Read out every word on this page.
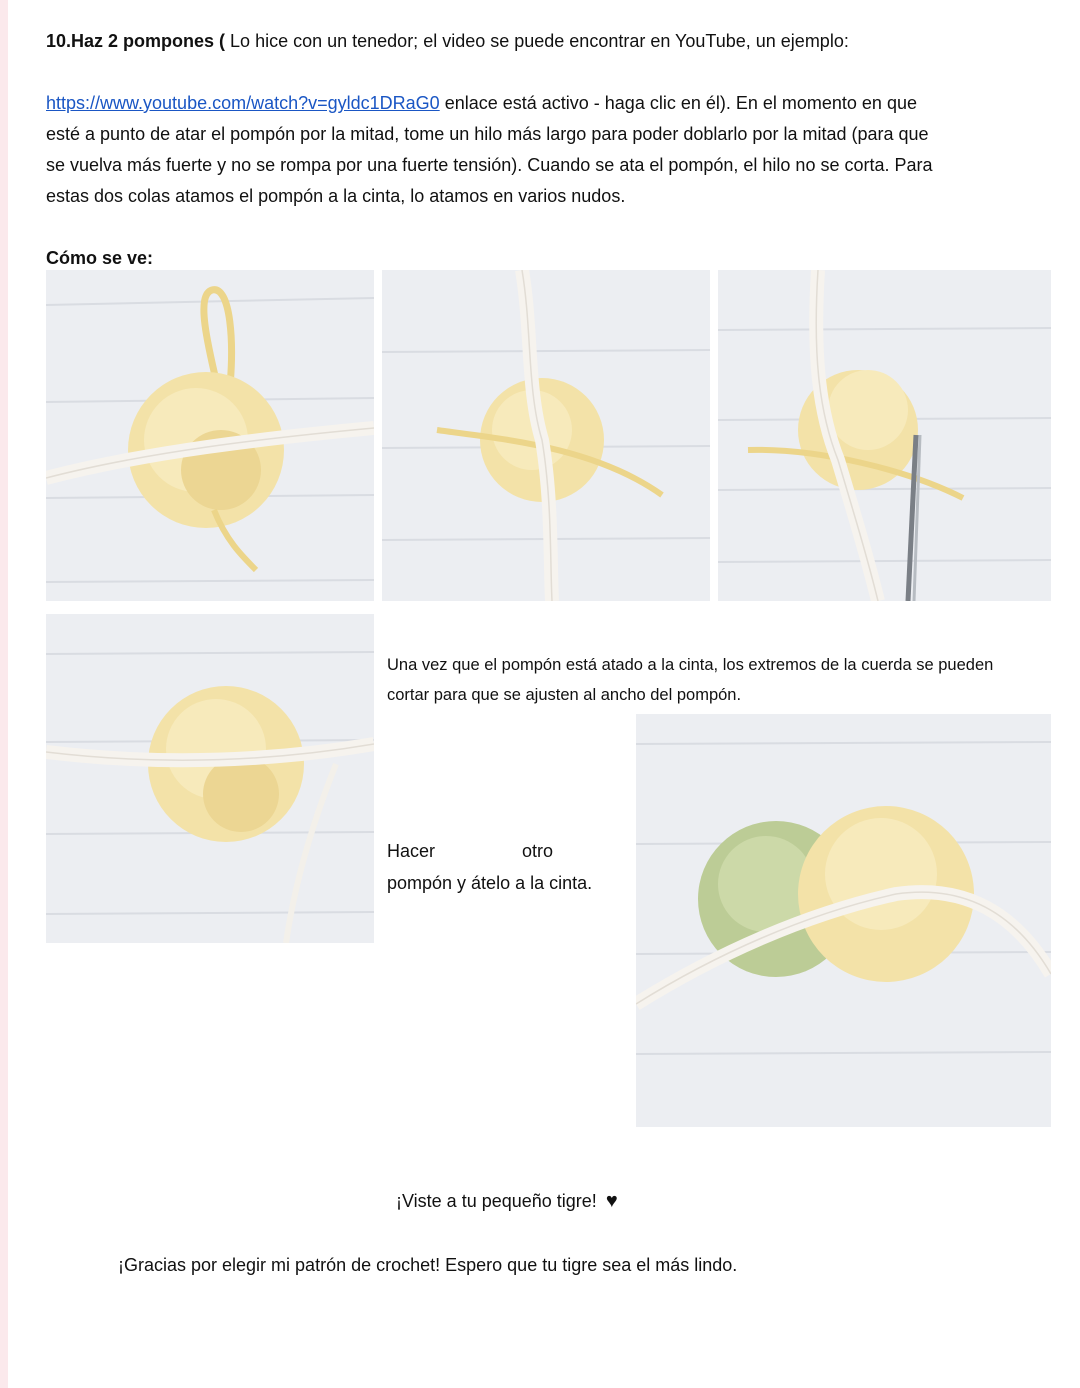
10.Haz 2 pompones ( Lo hice con un tenedor; el video se puede encontrar en YouTube, un ejemplo:
https://www.youtube.com/watch?v=gyldc1DRaG0 enlace está activo - haga clic en él). En el momento en que
esté a punto de atar el pompón por la mitad, tome un hilo más largo para poder doblarlo por la mitad (para que
se vuelva más fuerte y no se rompa por una fuerte tensión). Cuando se ata el pompón, el hilo no se corta. Para
estas dos colas atamos el pompón a la cinta, lo atamos en varios nudos.
Cómo se ve:
Una vez que el pompón está atado a la cinta, los extremos de la cuerda se pueden
cortar para que se ajusten al ancho del pompón.
Hacer	otro
pompón y átelo a la cinta.
¡Viste a tu pequeño tigre! ♥
¡Gracias por elegir mi patrón de crochet! Espero que tu tigre sea el más lindo.
